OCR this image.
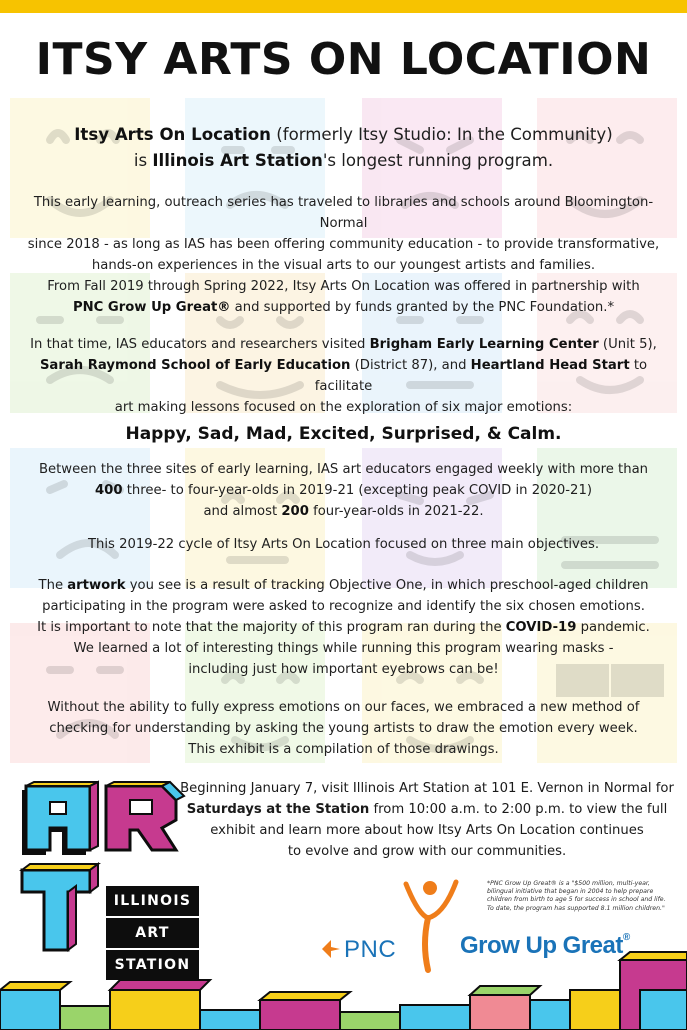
ITSY ARTS ON LOCATION
Itsy Arts On Location (formerly Itsy Studio: In the Community)
is Illinois Art Station's longest running program.
This early learning, outreach series has traveled to libraries and schools around Bloomington-Normal
since 2018 - as long as IAS has been offering community education - to provide transformative,
hands-on experiences in the visual arts to our youngest artists and families.
From Fall 2019 through Spring 2022, Itsy Arts On Location was offered in partnership with
PNC Grow Up Great® and supported by funds granted by the PNC Foundation.*
In that time, IAS educators and researchers visited Brigham Early Learning Center (Unit 5),
Sarah Raymond School of Early Education (District 87), and Heartland Head Start to facilitate
art making lessons focused on the exploration of six major emotions:
Happy, Sad, Mad, Excited, Surprised, & Calm.
Between the three sites of early learning, IAS art educators engaged weekly with more than
400 three- to four-year-olds in 2019-21 (excepting peak COVID in 2020-21)
and almost 200 four-year-olds in 2021-22.
This 2019-22 cycle of Itsy Arts On Location focused on three main objectives.
The artwork you see is a result of tracking Objective One, in which preschool-aged children
participating in the program were asked to recognize and identify the six chosen emotions.
It is important to note that the majority of this program ran during the COVID-19 pandemic.
We learned a lot of interesting things while running this program wearing masks -
including just how important eyebrows can be!
Without the ability to fully express emotions on our faces, we embraced a new method of
checking for understanding by asking the young artists to draw the emotion every week.
This exhibit is a compilation of those drawings.
Beginning January 7, visit Illinois Art Station at 101 E. Vernon in Normal for
Saturdays at the Station from 10:00 a.m. to 2:00 p.m. to view the full
exhibit and learn more about how Itsy Arts On Location continues
to evolve and grow with our communities.
ILLINOIS
ART
STATION
PNC	Grow Up Great®
*PNC Grow Up Great® is a "$500 million, multi-year, bilingual initiative that began in 2004 to help prepare children from birth to age 5 for success in school and life. To date, the program has supported 8.1 million children."
